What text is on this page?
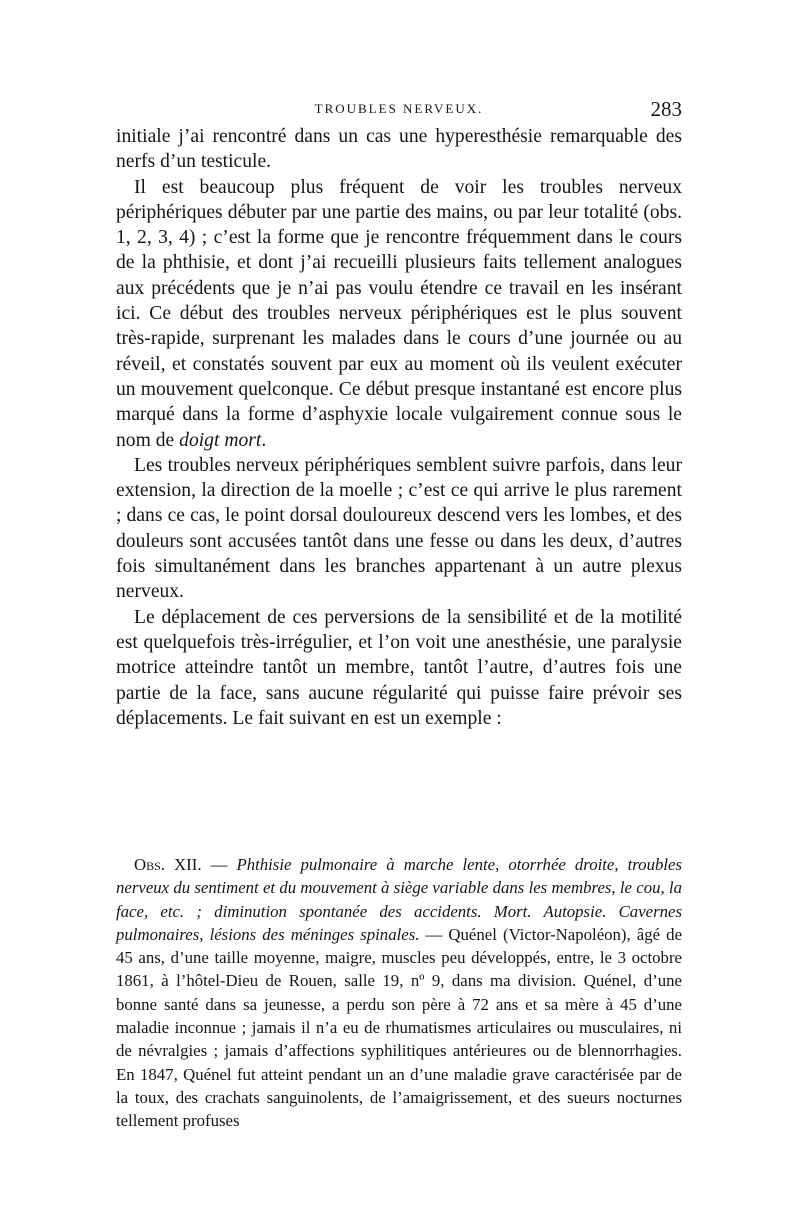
TROUBLES NERVEUX.	283

initiale j’ai rencontré dans un cas une hyperesthésie remarquable des nerfs d’un testicule.

Il est beaucoup plus fréquent de voir les troubles nerveux périphériques débuter par une partie des mains, ou par leur totalité (obs. 1, 2, 3, 4) ; c’est la forme que je rencontre fréquemment dans le cours de la phthisie, et dont j’ai recueilli plusieurs faits tellement analogues aux précédents que je n’ai pas voulu étendre ce travail en les insérant ici. Ce début des troubles nerveux périphériques est le plus souvent très-rapide, surprenant les malades dans le cours d’une journée ou au réveil, et constatés souvent par eux au moment où ils veulent exécuter un mouvement quelconque. Ce début presque instantané est encore plus marqué dans la forme d’asphyxie locale vulgairement connue sous le nom de doigt mort.

Les troubles nerveux périphériques semblent suivre parfois, dans leur extension, la direction de la moelle ; c’est ce qui arrive le plus rarement ; dans ce cas, le point dorsal douloureux descend vers les lombes, et des douleurs sont accusées tantôt dans une fesse ou dans les deux, d’autres fois simultanément dans les branches appartenant à un autre plexus nerveux.

Le déplacement de ces perversions de la sensibilité et de la motilité est quelquefois très-irrégulier, et l’on voit une anesthésie, une paralysie motrice atteindre tantôt un membre, tantôt l’autre, d’autres fois une partie de la face, sans aucune régularité qui puisse faire prévoir ses déplacements. Le fait suivant en est un exemple :

Obs. XII. — Phthisie pulmonaire à marche lente, otorrhée droite, troubles nerveux du sentiment et du mouvement à siège variable dans les membres, le cou, la face, etc. ; diminution spontanée des accidents. Mort. Autopsie. Cavernes pulmonaires, lésions des méninges spinales. — Quénel (Victor-Napoléon), âgé de 45 ans, d’une taille moyenne, maigre, muscles peu développés, entre, le 3 octobre 1861, à l’hôtel-Dieu de Rouen, salle 19, nº 9, dans ma division. Quénel, d’une bonne santé dans sa jeunesse, a perdu son père à 72 ans et sa mère à 45 d’une maladie inconnue ; jamais il n’a eu de rhumatismes articulaires ou musculaires, ni de névralgies ; jamais d’affections syphilitiques antérieures ou de blennorrhagies. En 1847, Quénel fut atteint pendant un an d’une maladie grave caractérisée par de la toux, des crachats sanguinolents, de l’amaigrissement, et des sueurs nocturnes tellement profuses
